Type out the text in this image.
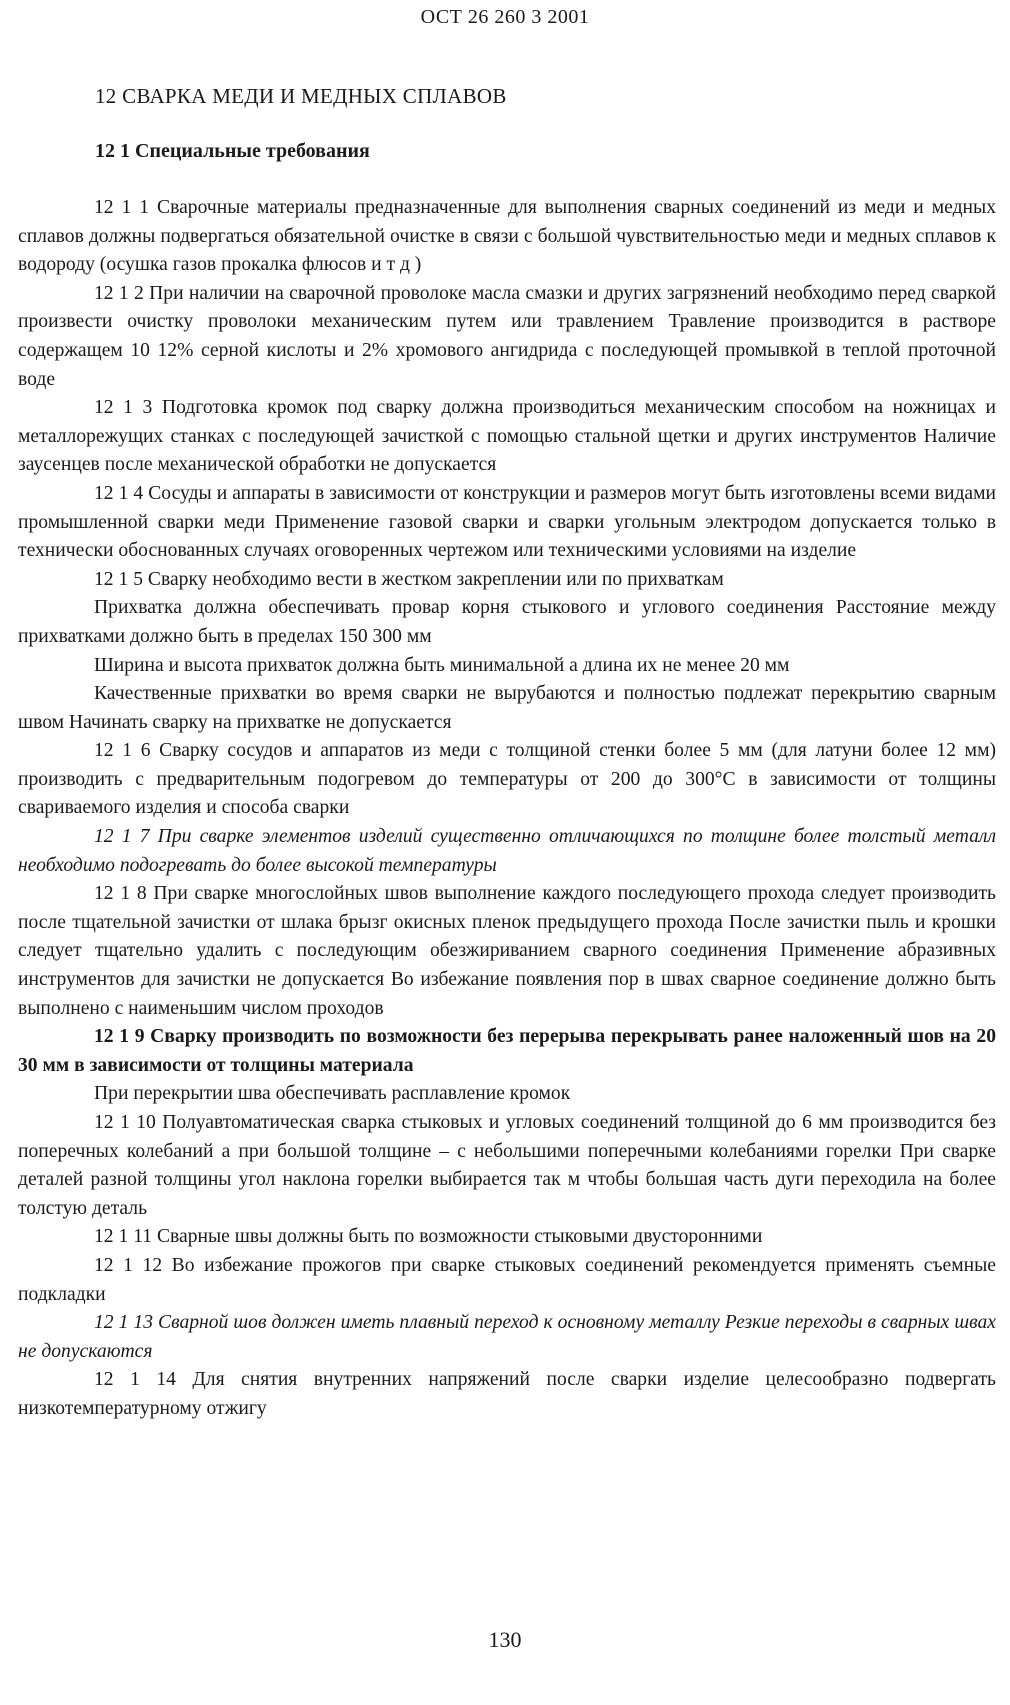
ОСТ 26 260 3 2001
12 СВАРКА МЕДИ И МЕДНЫХ СПЛАВОВ
12 1 Специальные требования

12 1 1 Сварочные материалы предназначенные для выполнения сварных соединений из меди и медных сплавов должны подвергаться обязательной очистке в связи с большой чувствительностью меди и медных сплавов к водороду (осушка газов прокалка флюсов и т д )

12 1 2 При наличии на сварочной проволоке масла смазки и других загрязнений необходимо перед сваркой произвести очистку проволоки механическим путем или травлением Травление производится в растворе содержащем 10 12% серной кислоты и 2% хромового ангидрида с последующей промывкой в теплой проточной воде

12 1 3 Подготовка кромок под сварку должна производиться механическим способом на ножницах и металлорежущих станках с последующей зачисткой с помощью стальной щетки и других инструментов Наличие заусенцев после механической обработки не допускается

12 1 4 Сосуды и аппараты в зависимости от конструкции и размеров могут быть изготовлены всеми видами промышленной сварки меди Применение газовой сварки и сварки угольным электродом допускается только в технически обоснованных случаях оговоренных чертежом или техническими условиями на изделие

12 1 5 Сварку необходимо вести в жестком закреплении или по прихваткам

Прихватка должна обеспечивать провар корня стыкового и углового соединения Расстояние между прихватками должно быть в пределах 150 300 мм

Ширина и высота прихваток должна быть минимальной а длина их не менее 20 мм

Качественные прихватки во время сварки не вырубаются и полностью подлежат перекрытию сварным швом Начинать сварку на прихватке не допускается

12 1 6 Сварку сосудов и аппаратов из меди с толщиной стенки более 5 мм (для латуни более 12 мм) производить с предварительным подогревом до температуры от 200 до 300°С в зависимости от толщины свариваемого изделия и способа сварки

12 1 7 При сварке элементов изделий существенно отличающихся по толщине более толстый металл необходимо подогревать до более высокой температуры

12 1 8 При сварке многослойных швов выполнение каждого последующего прохода следует производить после тщательной зачистки от шлака брызг окисных пленок предыдущего прохода После зачистки пыль и крошки следует тщательно удалить с последующим обезжириванием сварного соединения Применение абразивных инструментов для зачистки не допускается Во избежание появления пор в швах сварное соединение должно быть выполнено с наименьшим числом проходов

12 1 9 Сварку производить по возможности без перерыва перекрывать ранее наложенный шов на 20 30 мм в зависимости от толщины материала

При перекрытии шва обеспечивать расплавление кромок

12 1 10 Полуавтоматическая сварка стыковых и угловых соединений толщиной до 6 мм производится без поперечных колебаний а при большой толщине – с небольшими поперечными колебаниями горелки При сварке деталей разной толщины угол наклона горелки выбирается так м чтобы большая часть дуги переходила на более толстую деталь

12 1 11 Сварные швы должны быть по возможности стыковыми двусторонними

12 1 12 Во избежание прожогов при сварке стыковых соединений рекомендуется применять съемные подкладки

12 1 13 Сварной шов должен иметь плавный переход к основному металлу Резкие переходы в сварных швах не допускаются

12 1 14 Для снятия внутренних напряжений после сварки изделие целесообразно подвергать низкотемпературному отжигу

130
